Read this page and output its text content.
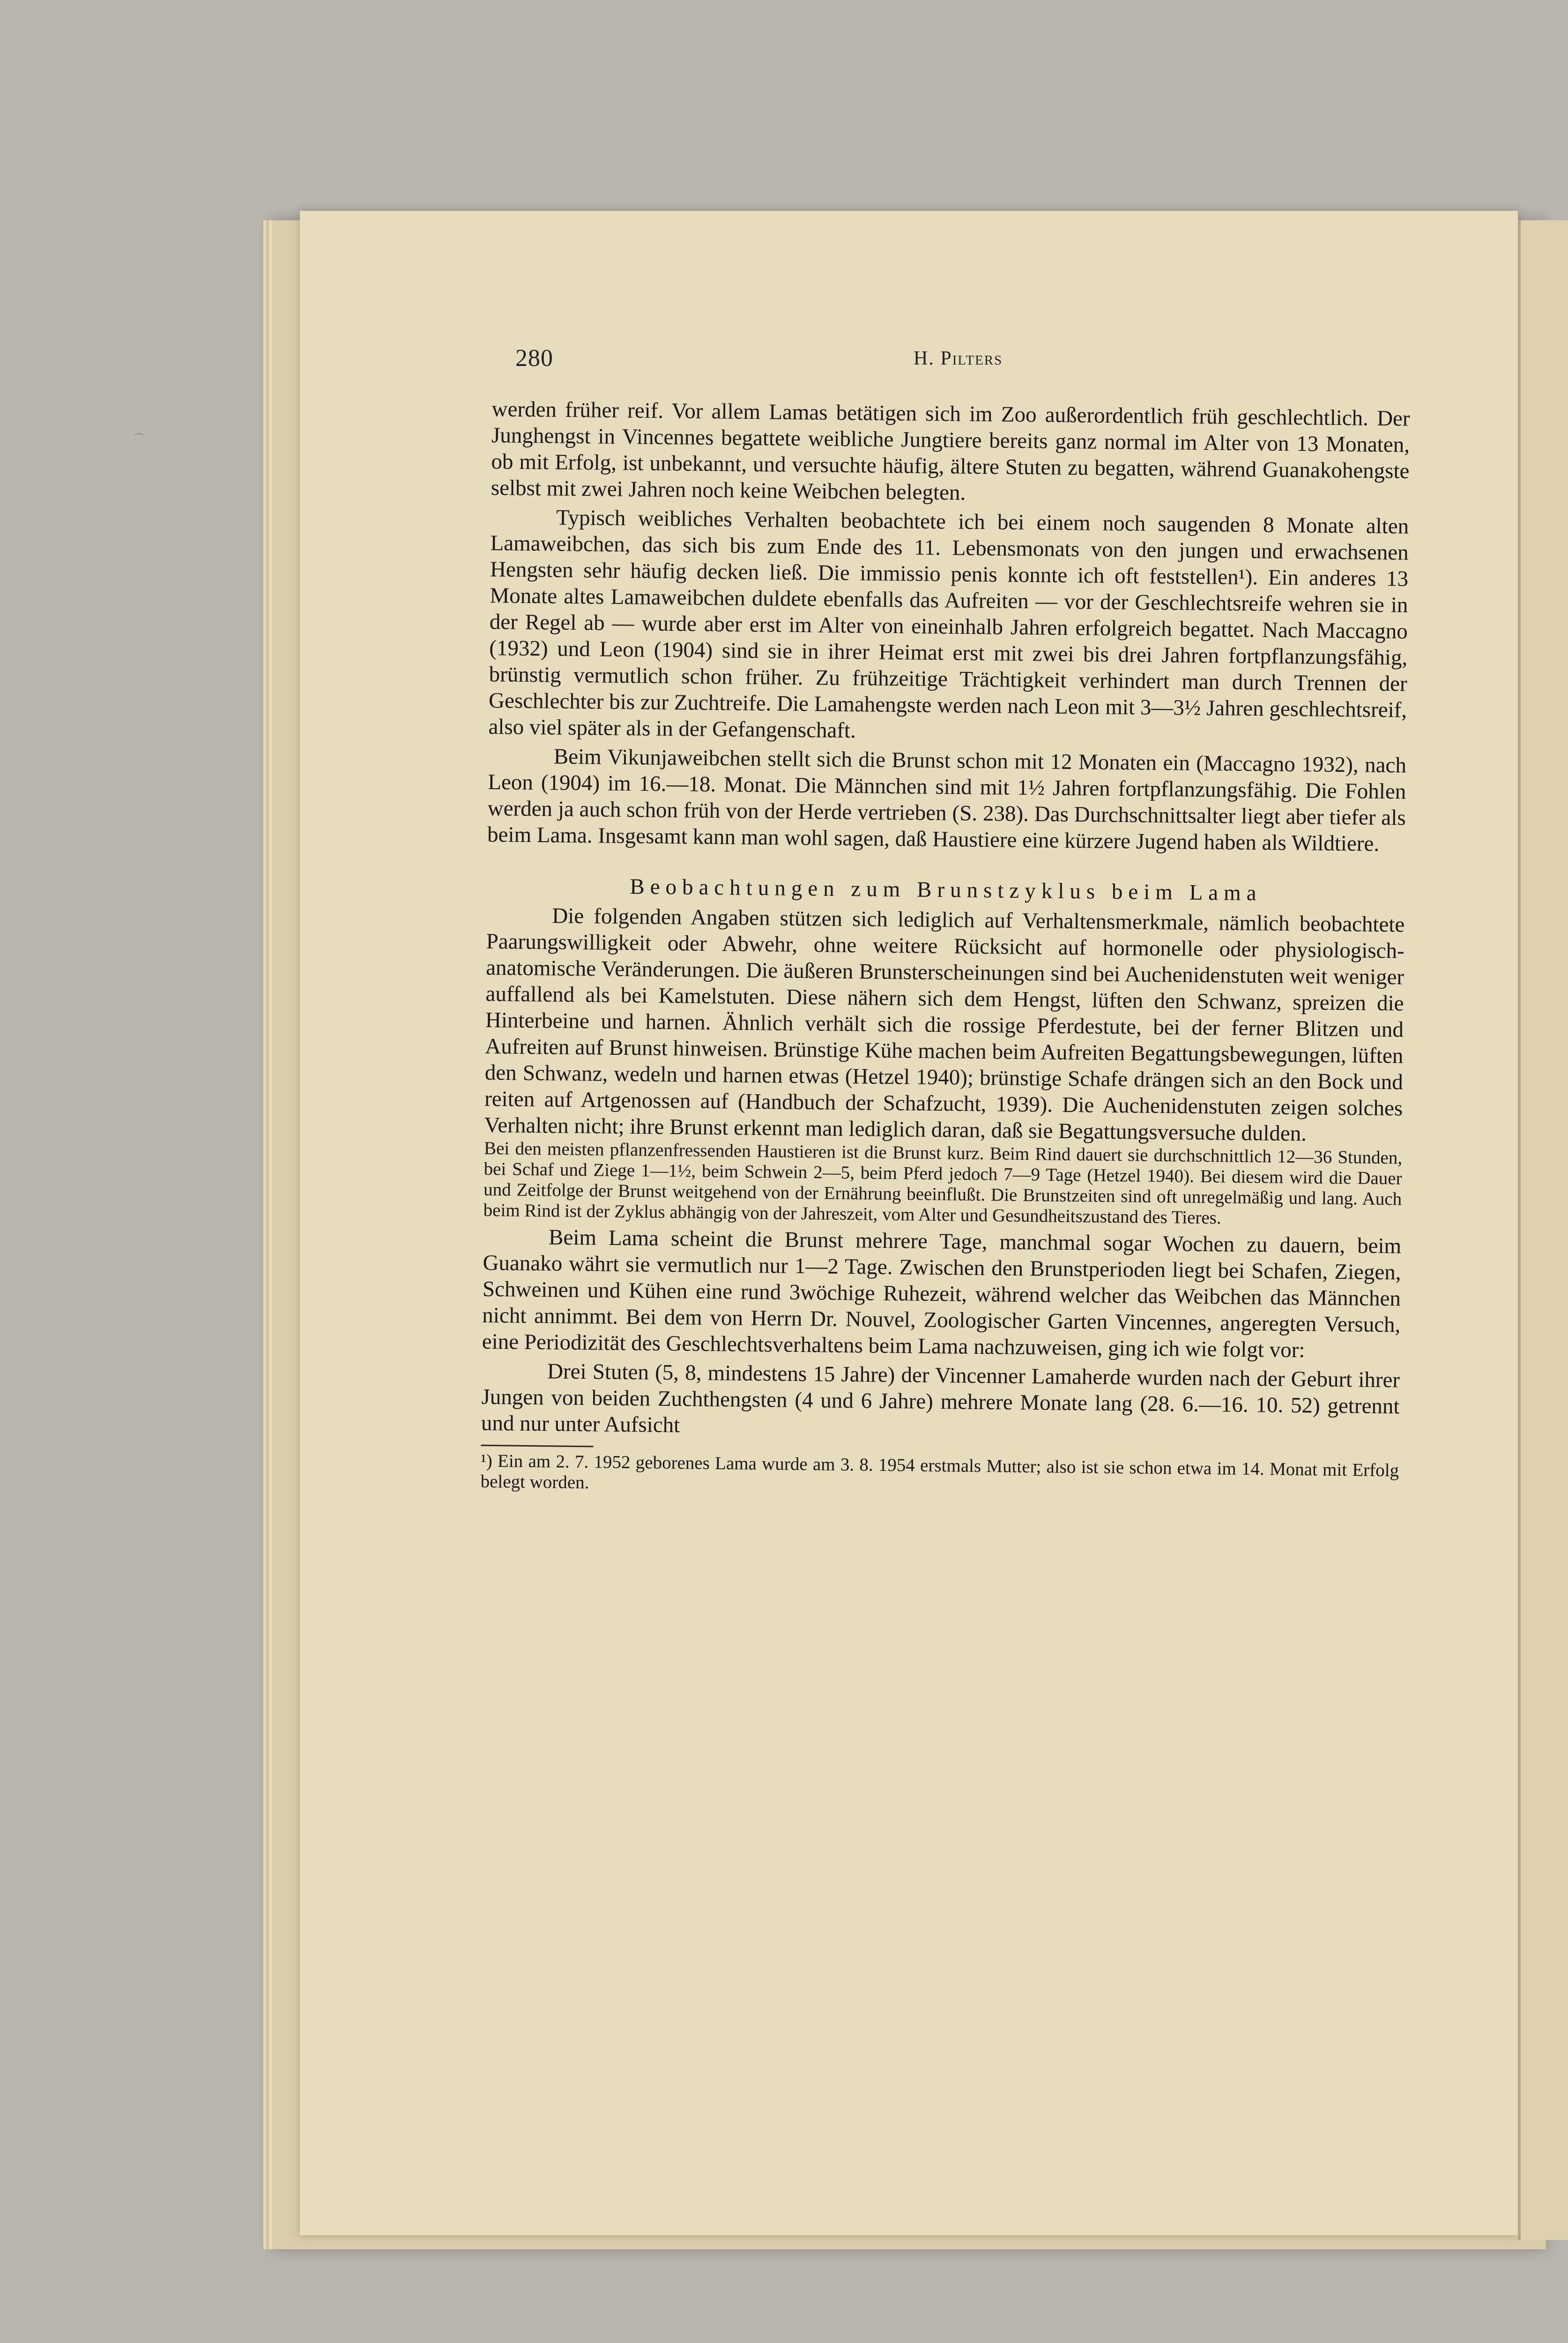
⌒
280	H. Pilters

werden früher reif. Vor allem Lamas betätigen sich im Zoo außerordentlich früh geschlechtlich. Der Junghengst in Vincennes begattete weibliche Jungtiere bereits ganz normal im Alter von 13 Monaten, ob mit Erfolg, ist unbekannt, und versuchte häufig, ältere Stuten zu begatten, während Guanakohengste selbst mit zwei Jahren noch keine Weibchen belegten.

Typisch weibliches Verhalten beobachtete ich bei einem noch saugenden 8 Monate alten Lamaweibchen, das sich bis zum Ende des 11. Lebensmonats von den jungen und erwachsenen Hengsten sehr häufig decken ließ. Die immissio penis konnte ich oft feststellen¹). Ein anderes 13 Monate altes Lamaweibchen duldete ebenfalls das Aufreiten — vor der Geschlechtsreife wehren sie in der Regel ab — wurde aber erst im Alter von eineinhalb Jahren erfolgreich begattet. Nach Maccagno (1932) und Leon (1904) sind sie in ihrer Heimat erst mit zwei bis drei Jahren fortpflanzungsfähig, brünstig vermutlich schon früher. Zu frühzeitige Trächtigkeit verhindert man durch Trennen der Geschlechter bis zur Zuchtreife. Die Lamahengste werden nach Leon mit 3—3½ Jahren geschlechtsreif, also viel später als in der Gefangenschaft.

Beim Vikunjaweibchen stellt sich die Brunst schon mit 12 Monaten ein (Maccagno 1932), nach Leon (1904) im 16.—18. Monat. Die Männchen sind mit 1½ Jahren fortpflanzungsfähig. Die Fohlen werden ja auch schon früh von der Herde vertrieben (S. 238). Das Durchschnittsalter liegt aber tiefer als beim Lama. Insgesamt kann man wohl sagen, daß Haustiere eine kürzere Jugend haben als Wildtiere.

Beobachtungen zum Brunstzyklus beim Lama

Die folgenden Angaben stützen sich lediglich auf Verhaltensmerkmale, nämlich beobachtete Paarungswilligkeit oder Abwehr, ohne weitere Rücksicht auf hormonelle oder physiologisch-anatomische Veränderungen. Die äußeren Brunsterscheinungen sind bei Auchenidenstuten weit weniger auffallend als bei Kamelstuten. Diese nähern sich dem Hengst, lüften den Schwanz, spreizen die Hinterbeine und harnen. Ähnlich verhält sich die rossige Pferdestute, bei der ferner Blitzen und Aufreiten auf Brunst hinweisen. Brünstige Kühe machen beim Aufreiten Begattungsbewegungen, lüften den Schwanz, wedeln und harnen etwas (Hetzel 1940); brünstige Schafe drängen sich an den Bock und reiten auf Artgenossen auf (Handbuch der Schafzucht, 1939). Die Auchenidenstuten zeigen solches Verhalten nicht; ihre Brunst erkennt man lediglich daran, daß sie Begattungsversuche dulden.

Bei den meisten pflanzenfressenden Haustieren ist die Brunst kurz. Beim Rind dauert sie durchschnittlich 12—36 Stunden, bei Schaf und Ziege 1—1½, beim Schwein 2—5, beim Pferd jedoch 7—9 Tage (Hetzel 1940). Bei diesem wird die Dauer und Zeitfolge der Brunst weitgehend von der Ernährung beeinflußt. Die Brunstzeiten sind oft unregelmäßig und lang. Auch beim Rind ist der Zyklus abhängig von der Jahreszeit, vom Alter und Gesundheitszustand des Tieres.

Beim Lama scheint die Brunst mehrere Tage, manchmal sogar Wochen zu dauern, beim Guanako währt sie vermutlich nur 1—2 Tage. Zwischen den Brunstperioden liegt bei Schafen, Ziegen, Schweinen und Kühen eine rund 3wöchige Ruhezeit, während welcher das Weibchen das Männchen nicht annimmt. Bei dem von Herrn Dr. Nouvel, Zoologischer Garten Vincennes, angeregten Versuch, eine Periodizität des Geschlechtsverhaltens beim Lama nachzuweisen, ging ich wie folgt vor:

Drei Stuten (5, 8, mindestens 15 Jahre) der Vincenner Lamaherde wurden nach der Geburt ihrer Jungen von beiden Zuchthengsten (4 und 6 Jahre) mehrere Monate lang (28. 6.—16. 10. 52) getrennt und nur unter Aufsicht

¹) Ein am 2. 7. 1952 geborenes Lama wurde am 3. 8. 1954 erstmals Mutter; also ist sie schon etwa im 14. Monat mit Erfolg belegt worden.
